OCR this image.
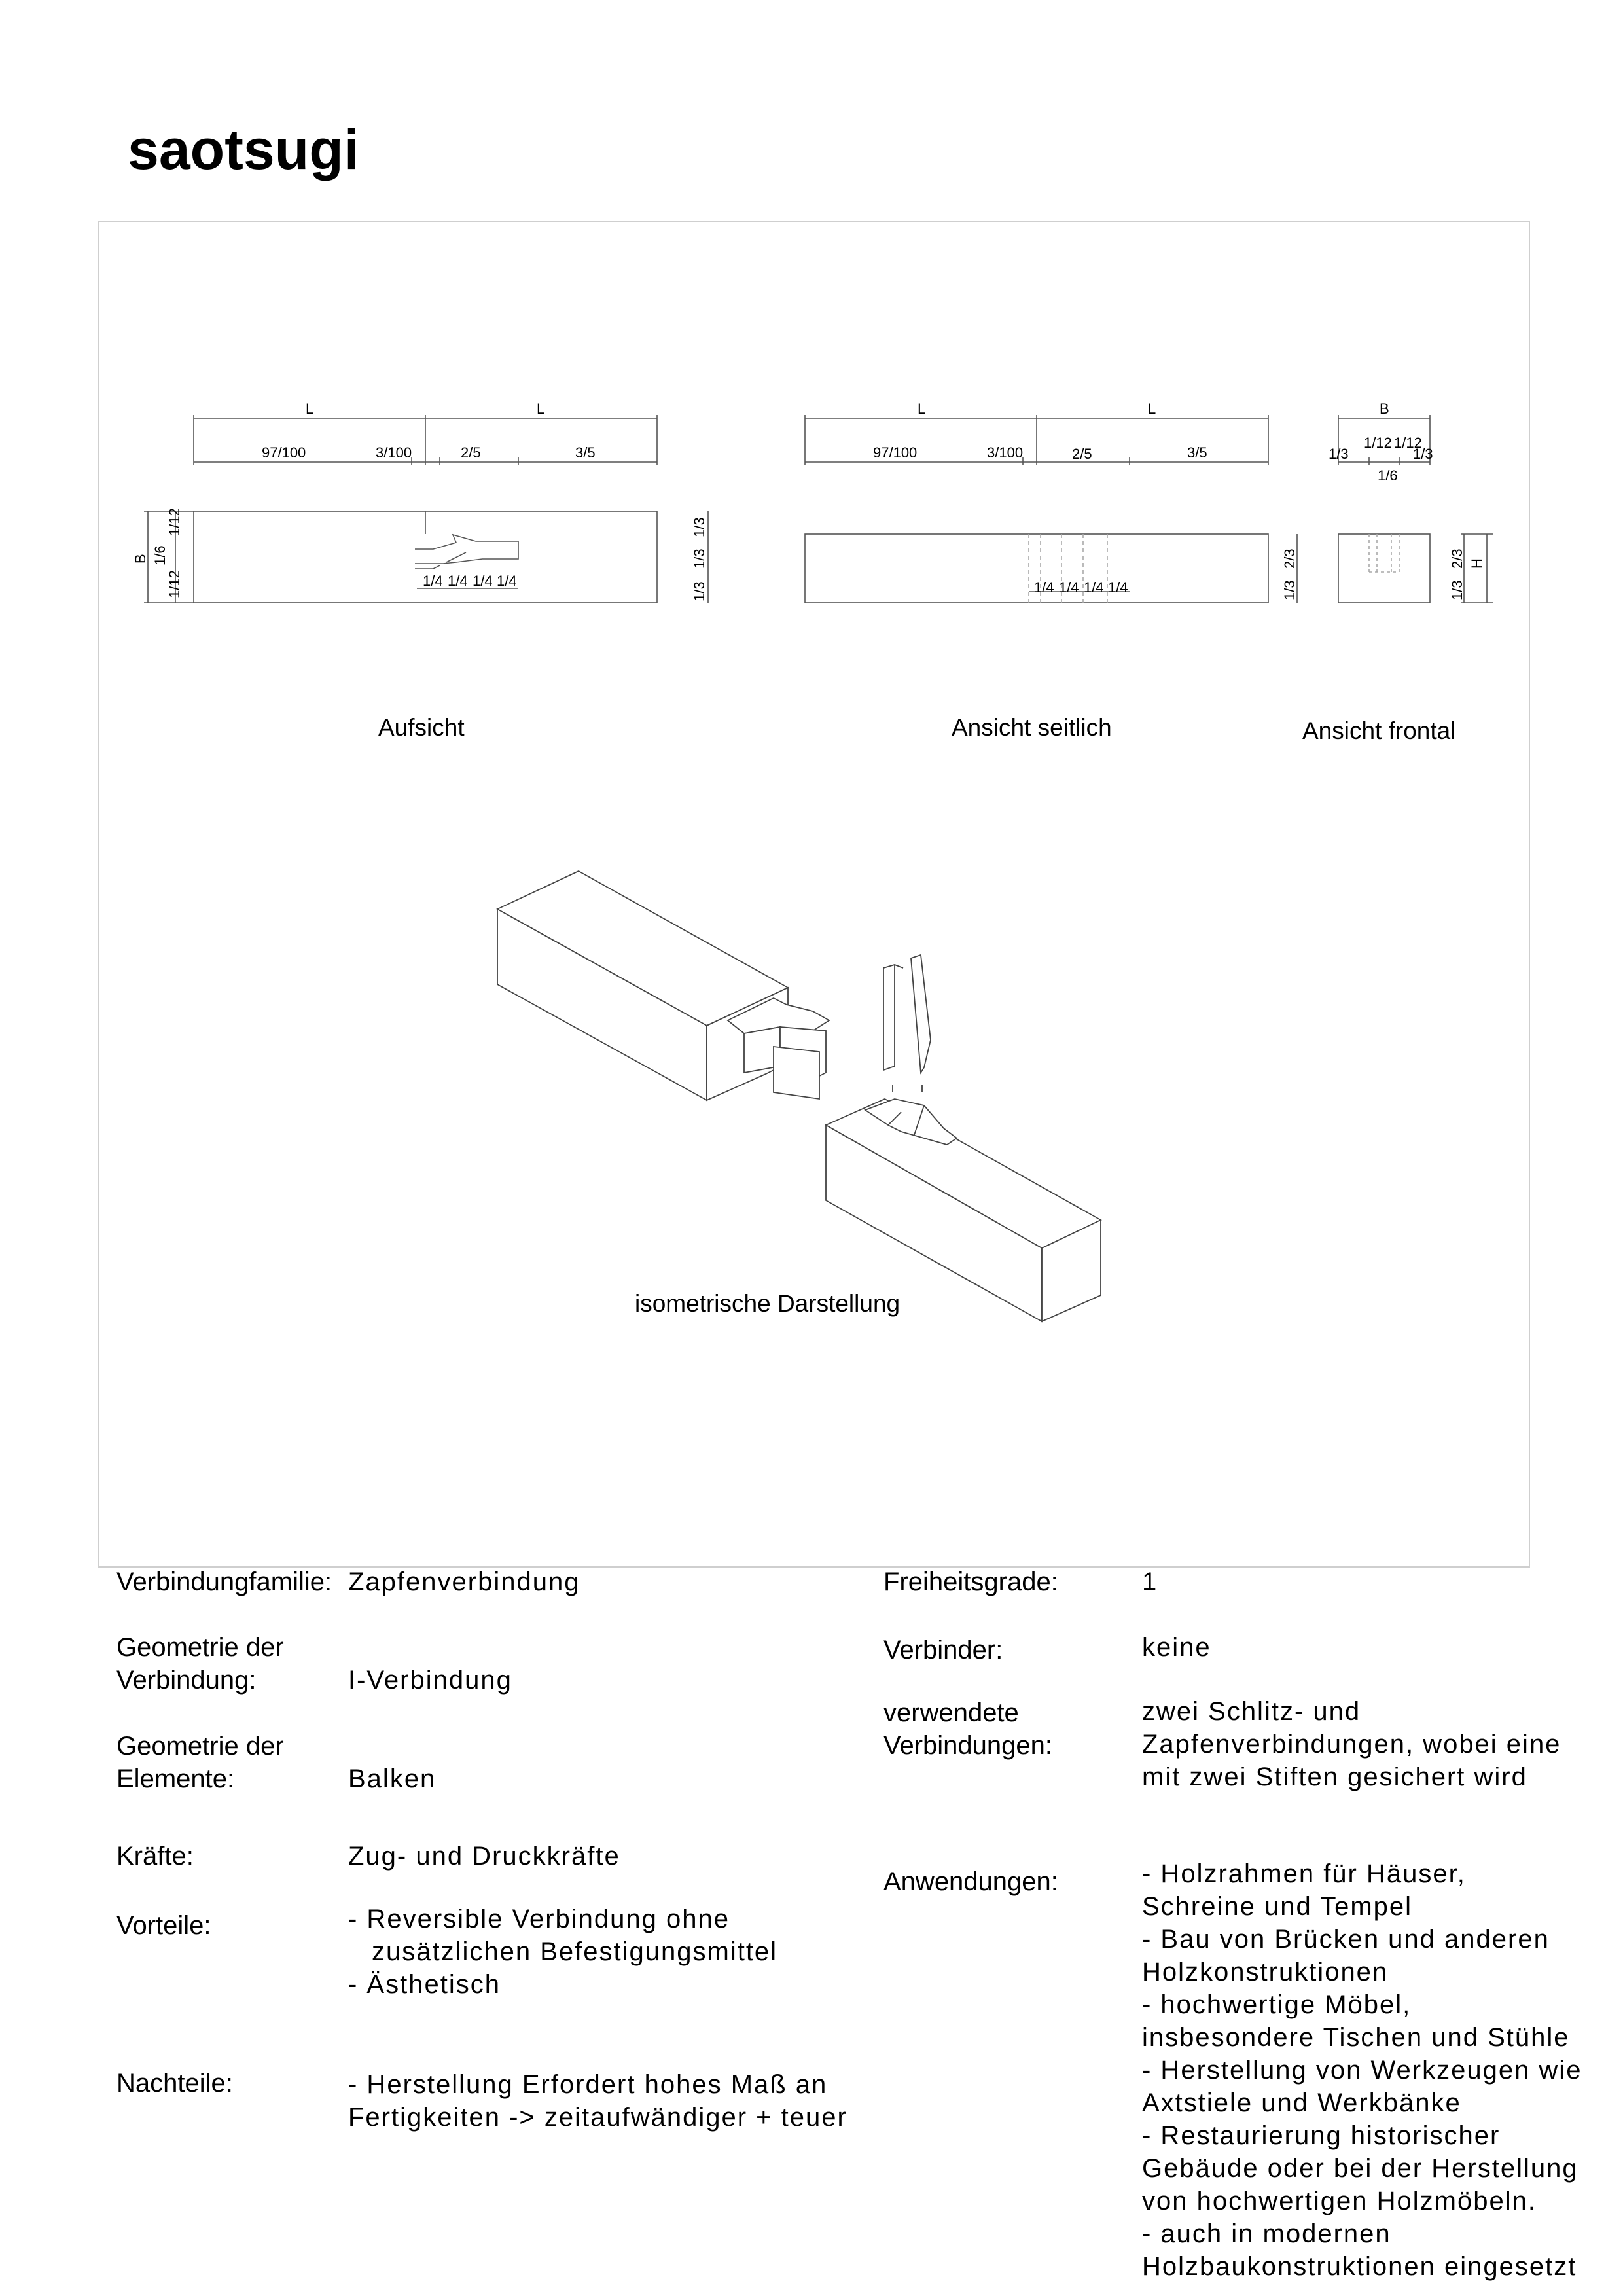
saotsugi
L	L
97/100	3/100	2/5	3/5
B
1/12
1/6
1/12	1/4 1/4 1/4 1/4
1/3
1/3
1/3
Aufsicht
L	L
97/100	3/100	2/5	3/5
1/4 1/4 1/4 1/4	1/3
2/3
Ansicht seitlich
B
1/3
1/12 1/12
1/3
1/6
1/3
2/3 H
Ansicht frontal
isometrische Darstellung
Verbindungfamilie: Zapfenverbindung
Geometrie der
Verbindung:	I-Verbindung
Geometrie der
Elemente:	Balken
Kräfte:	Zug- und Druckkräfte
Vorteile:	- Reversible Verbindung ohne
zusätzlichen Befestigungsmittel
- Ästhetisch
Nachteile:	- Herstellung Erfordert hohes Maß an
Fertigkeiten -> zeitaufwändiger + teuer
Freiheitsgrade:	1
Verbinder:	keine
verwendete
Verbindungen:
zwei Schlitz- und
Zapfenverbindungen, wobei eine
mit zwei Stiften gesichert wird
Anwendungen:	- Holzrahmen für Häuser,
Schreine und Tempel
- Bau von Brücken und anderen
Holzkonstruktionen
- hochwertige Möbel,
insbesondere Tischen und Stühle
- Herstellung von Werkzeugen wie
Axtstiele und Werkbänke
- Restaurierung historischer
Gebäude oder bei der Herstellung
von hochwertigen Holzmöbeln.
- auch in modernen
Holzbaukonstruktionen eingesetzt
